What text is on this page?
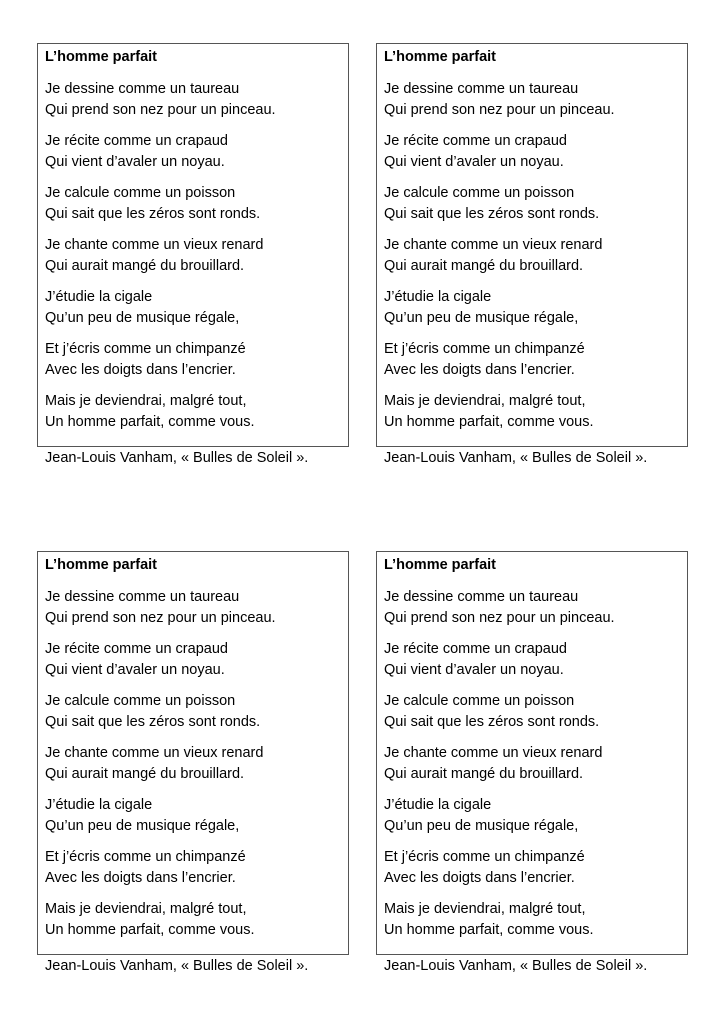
L’homme parfait
Je dessine comme un taureau
Qui prend son nez pour un pinceau.
Je récite comme un crapaud
Qui vient d’avaler un noyau.
Je calcule comme un poisson
Qui sait que les zéros sont ronds.
Je chante comme un vieux renard
Qui aurait mangé du brouillard.
J’étudie la cigale
Qu’un peu de musique régale,
Et j’écris comme un chimpanzé
Avec les doigts dans l’encrier.
Mais je deviendrai, malgré tout,
Un homme parfait, comme vous.
Jean-Louis Vanham, « Bulles de Soleil ».
L’homme parfait
Je dessine comme un taureau
Qui prend son nez pour un pinceau.
Je récite comme un crapaud
Qui vient d’avaler un noyau.
Je calcule comme un poisson
Qui sait que les zéros sont ronds.
Je chante comme un vieux renard
Qui aurait mangé du brouillard.
J’étudie la cigale
Qu’un peu de musique régale,
Et j’écris comme un chimpanzé
Avec les doigts dans l’encrier.
Mais je deviendrai, malgré tout,
Un homme parfait, comme vous.
Jean-Louis Vanham, « Bulles de Soleil ».
L’homme parfait
Je dessine comme un taureau
Qui prend son nez pour un pinceau.
Je récite comme un crapaud
Qui vient d’avaler un noyau.
Je calcule comme un poisson
Qui sait que les zéros sont ronds.
Je chante comme un vieux renard
Qui aurait mangé du brouillard.
J’étudie la cigale
Qu’un peu de musique régale,
Et j’écris comme un chimpanzé
Avec les doigts dans l’encrier.
Mais je deviendrai, malgré tout,
Un homme parfait, comme vous.
Jean-Louis Vanham, « Bulles de Soleil ».
L’homme parfait
Je dessine comme un taureau
Qui prend son nez pour un pinceau.
Je récite comme un crapaud
Qui vient d’avaler un noyau.
Je calcule comme un poisson
Qui sait que les zéros sont ronds.
Je chante comme un vieux renard
Qui aurait mangé du brouillard.
J’étudie la cigale
Qu’un peu de musique régale,
Et j’écris comme un chimpanzé
Avec les doigts dans l’encrier.
Mais je deviendrai, malgré tout,
Un homme parfait, comme vous.
Jean-Louis Vanham, « Bulles de Soleil ».
